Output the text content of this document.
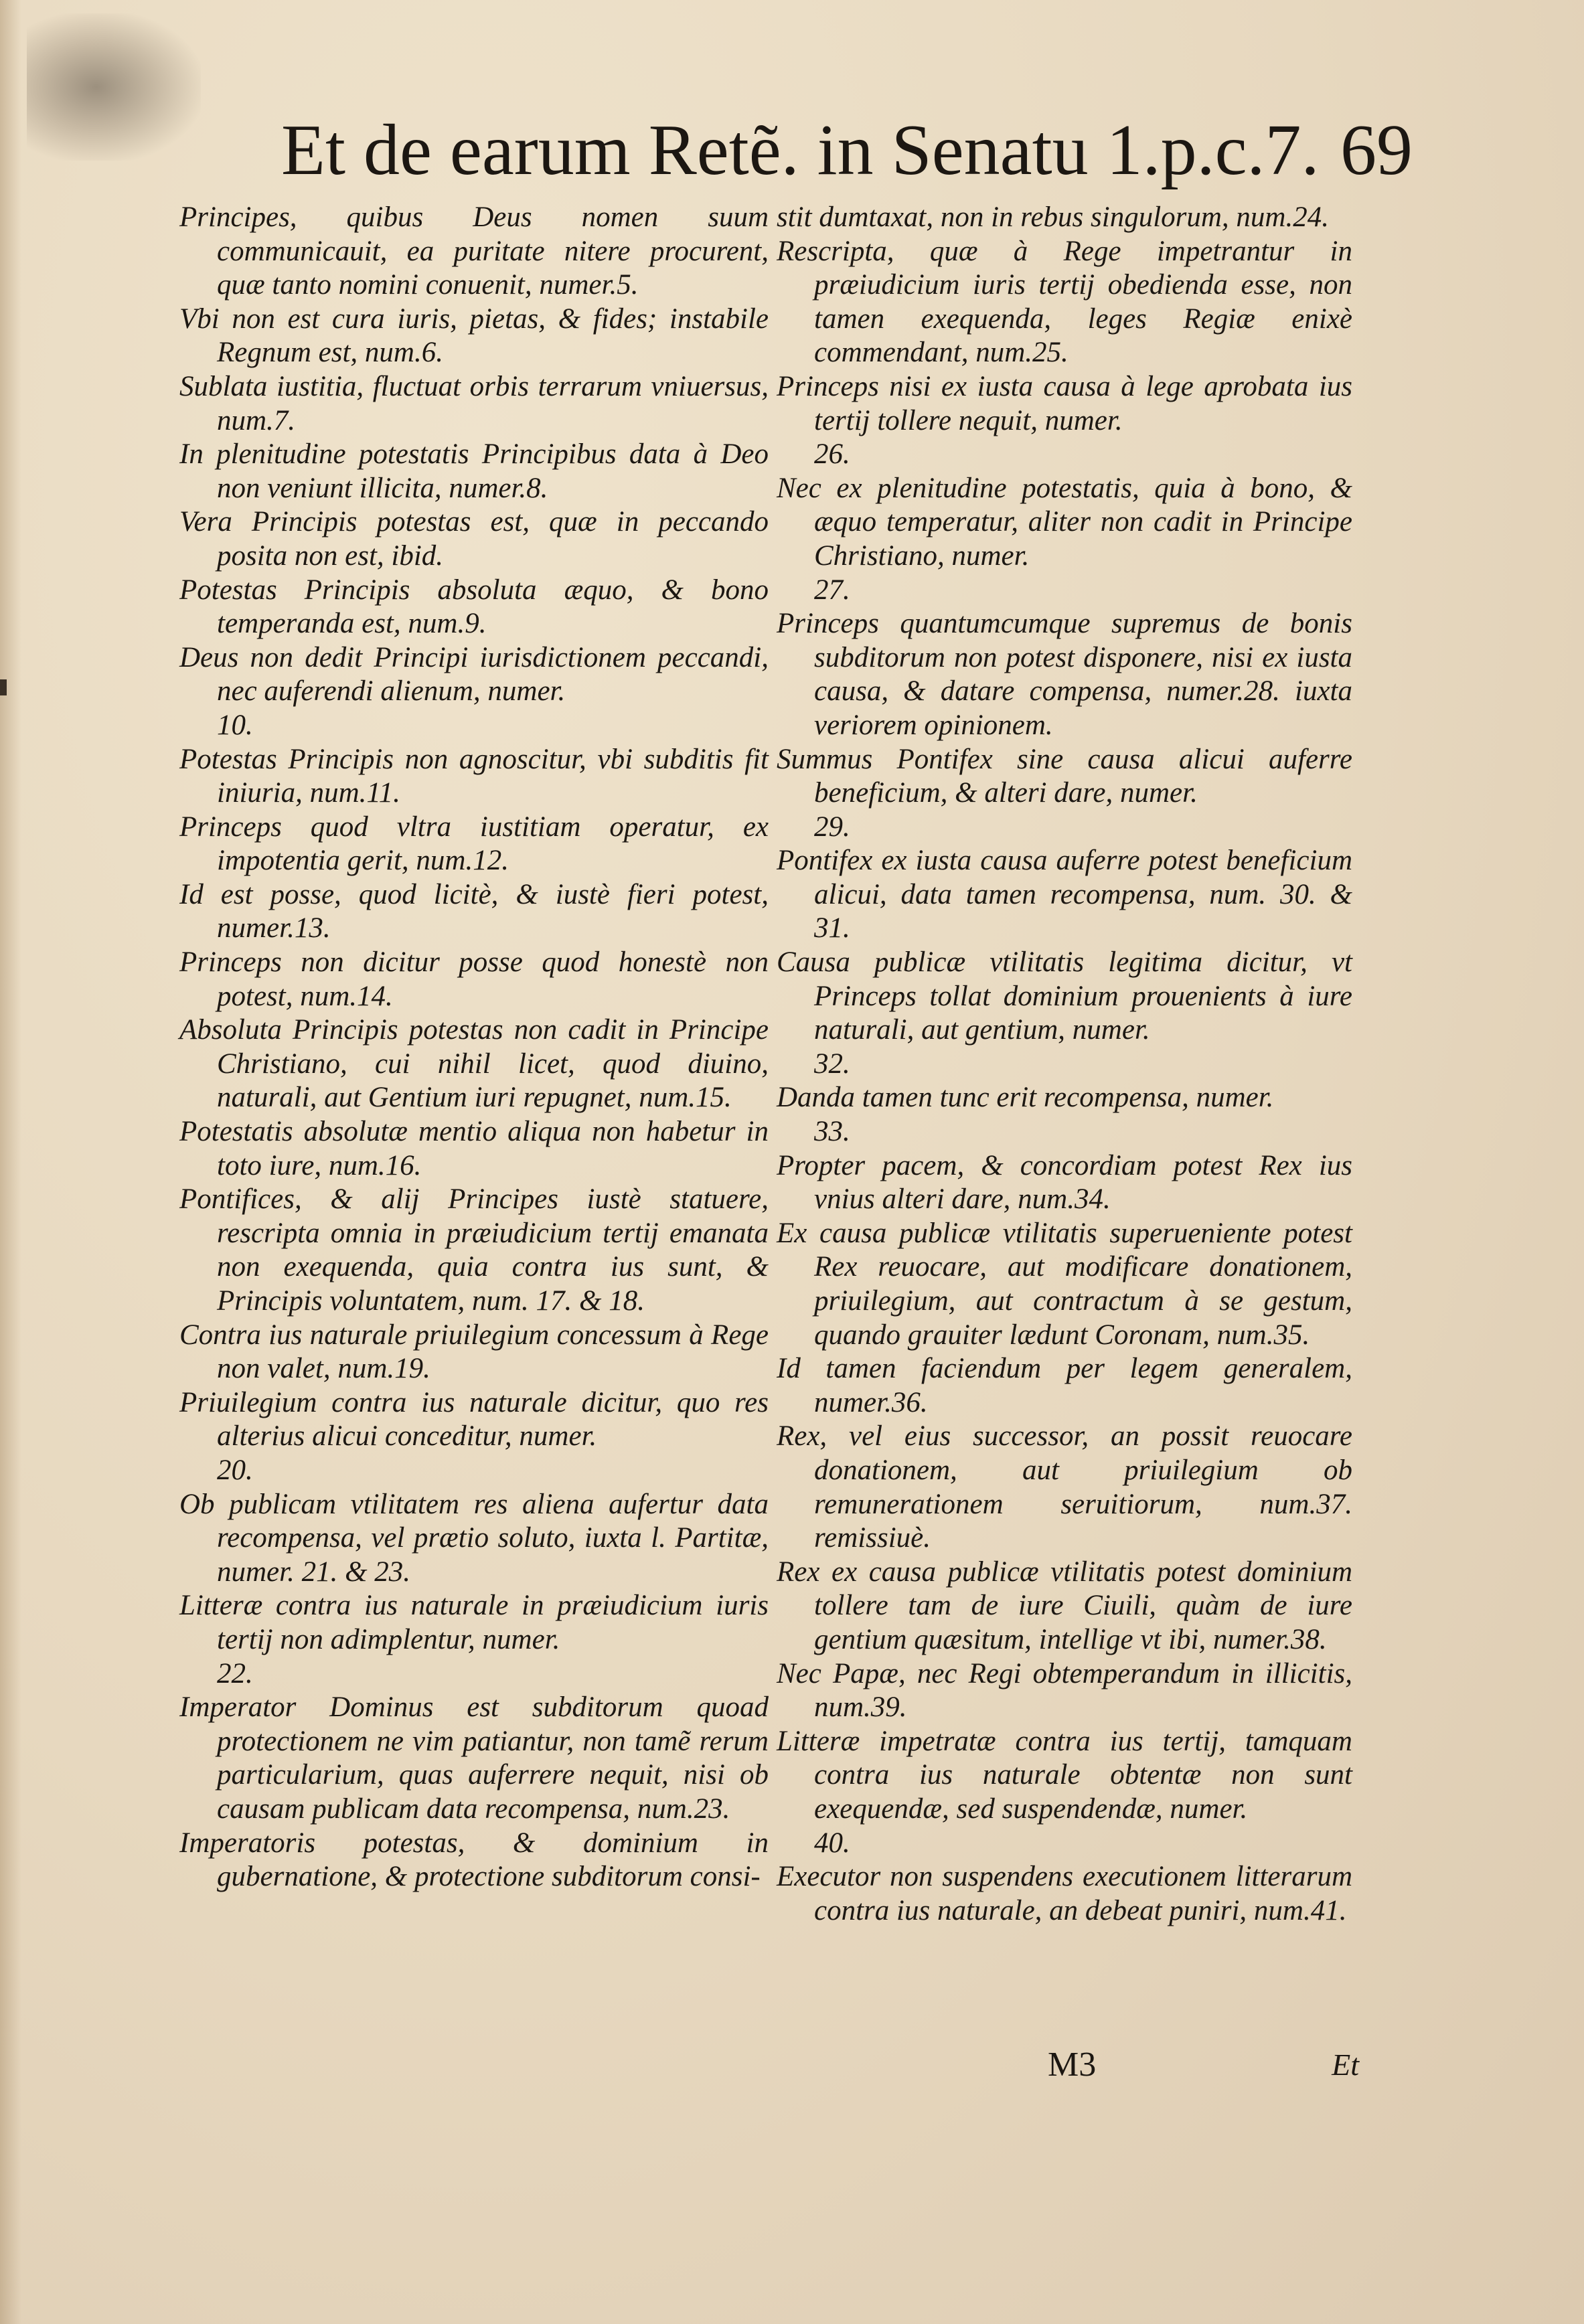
Et de earum Retẽ. in Senatu 1.p.c.7. 69

Principes, quibus Deus nomen suum communicauit, ea puritate nitere procurent, quæ tanto nomini conuenit, numer.5.

Vbi non est cura iuris, pietas, & fides; instabile Regnum est, num.6.

Sublata iustitia, fluctuat orbis terrarum vniuersus, num.7.

In plenitudine potestatis Principibus data à Deo non veniunt illicita, numer.8.

Vera Principis potestas est, quæ in peccando posita non est, ibid.

Potestas Principis absoluta æquo, & bono temperanda est, num.9.

Deus non dedit Principi iurisdictionem peccandi, nec auferendi alienum, numer.
10.

Potestas Principis non agnoscitur, vbi subditis fit iniuria, num.11.

Princeps quod vltra iustitiam operatur, ex impotentia gerit, num.12.

Id est posse, quod licitè, & iustè fieri potest, numer.13.

Princeps non dicitur posse quod honestè non potest, num.14.

Absoluta Principis potestas non cadit in Principe Christiano, cui nihil licet, quod diuino, naturali, aut Gentium iuri repugnet, num.15.

Potestatis absolutæ mentio aliqua non habetur in toto iure, num.16.

Pontifices, & alij Principes iustè statuere, rescripta omnia in præiudicium tertij emanata non exequenda, quia contra ius sunt, & Principis voluntatem, num. 17. & 18.

Contra ius naturale priuilegium concessum à Rege non valet, num.19.

Priuilegium contra ius naturale dicitur, quo res alterius alicui conceditur, numer.
20.

Ob publicam vtilitatem res aliena aufertur data recompensa, vel prætio soluto, iuxta l. Partitæ, numer. 21. & 23.

Litteræ contra ius naturale in præiudicium iuris tertij non adimplentur, numer.
22.

Imperator Dominus est subditorum quoad protectionem ne vim patiantur, non tamẽ rerum particularium, quas auferrere nequit, nisi ob causam publicam data recompensa, num.23.

Imperatoris potestas, & dominium in gubernatione, & protectione subditorum consi-

stit dumtaxat, non in rebus singulorum, num.24.

Rescripta, quæ à Rege impetrantur in præiudicium iuris tertij obedienda esse, non tamen exequenda, leges Regiæ enixè commendant, num.25.

Princeps nisi ex iusta causa à lege aprobata ius tertij tollere nequit, numer.
26.

Nec ex plenitudine potestatis, quia à bono, & æquo temperatur, aliter non cadit in Principe Christiano, numer.
27.

Princeps quantumcumque supremus de bonis subditorum non potest disponere, nisi ex iusta causa, & datare compensa, numer.28. iuxta veriorem opinionem.

Summus Pontifex sine causa alicui auferre beneficium, & alteri dare, numer.
29.

Pontifex ex iusta causa auferre potest beneficium alicui, data tamen recompensa, num. 30. & 31.

Causa publicæ vtilitatis legitima dicitur, vt Princeps tollat dominium prouenients à iure naturali, aut gentium, numer.
32.

Danda tamen tunc erit recompensa, numer.
33.

Propter pacem, & concordiam potest Rex ius vnius alteri dare, num.34.

Ex causa publicæ vtilitatis superueniente potest Rex reuocare, aut modificare donationem, priuilegium, aut contractum à se gestum, quando grauiter lædunt Coronam, num.35.

Id tamen faciendum per legem generalem, numer.36.

Rex, vel eius successor, an possit reuocare donationem, aut priuilegium ob remunerationem seruitiorum, num.37. remissiuè.

Rex ex causa publicæ vtilitatis potest dominium tollere tam de iure Ciuili, quàm de iure gentium quæsitum, intellige vt ibi, numer.38.

Nec Papæ, nec Regi obtemperandum in illicitis, num.39.

Litteræ impetratæ contra ius tertij, tamquam contra ius naturale obtentæ non sunt exequendæ, sed suspendendæ, numer.
40.

Executor non suspendens executionem litterarum contra ius naturale, an debeat puniri, num.41.

M3	Et
